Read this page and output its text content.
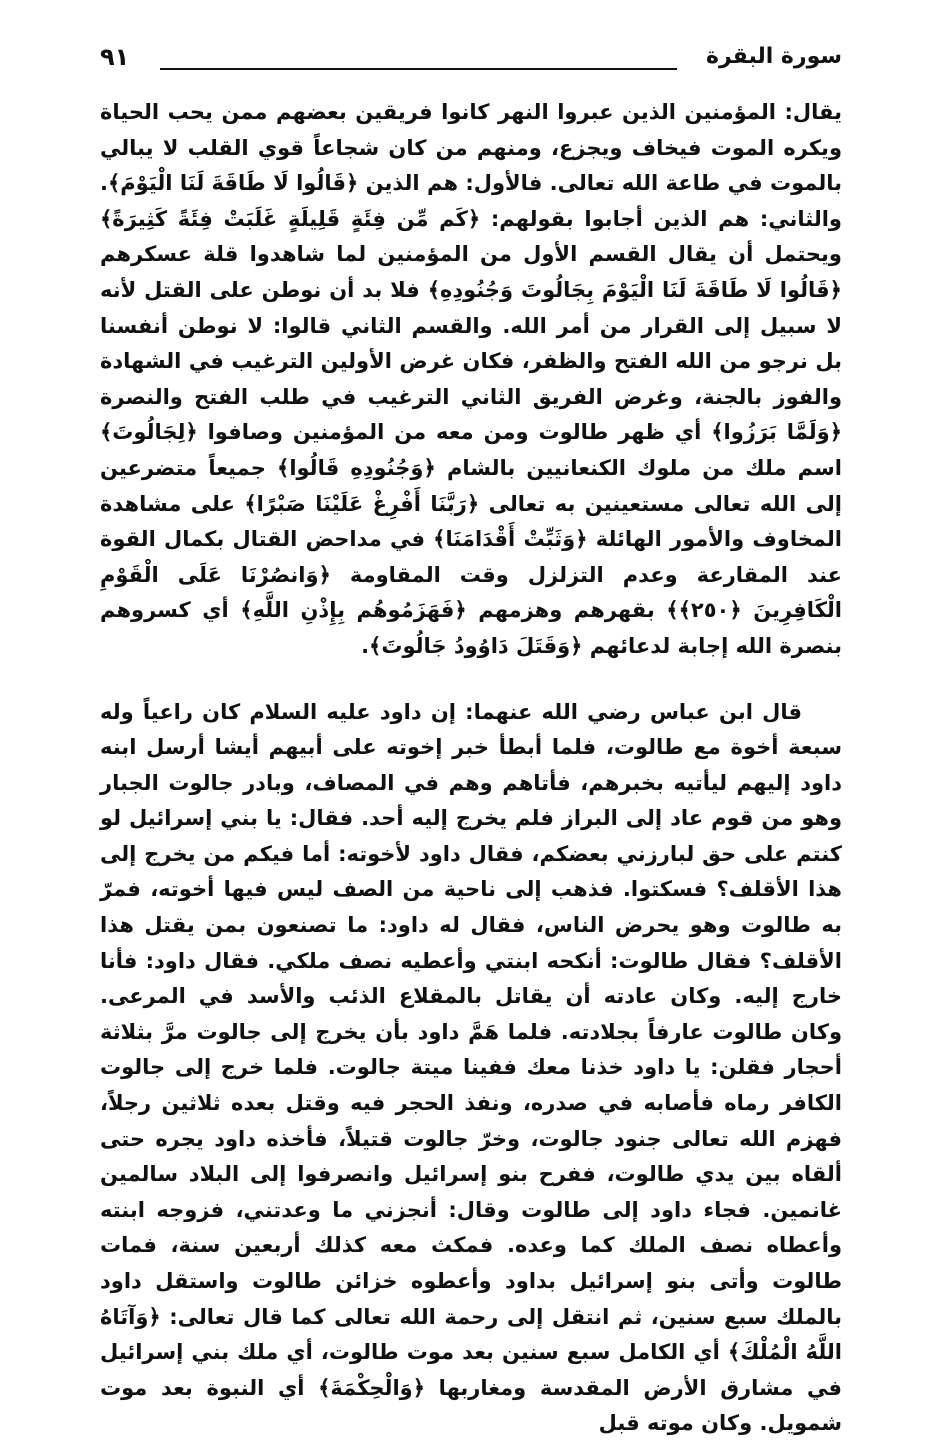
سورة البقرة
٩١

يقال: المؤمنين الذين عبروا النهر كانوا فريقين بعضهم ممن يحب الحياة ويكره الموت فيخاف ويجزع، ومنهم من كان شجاعاً قوي القلب لا يبالي بالموت في طاعة الله تعالى. فالأول: هم الذين ﴿قَالُوا لَا طَاقَةَ لَنَا الْيَوْمَ﴾. والثاني: هم الذين أجابوا بقولهم: ﴿كَم مِّن فِئَةٍ قَلِيلَةٍ غَلَبَتْ فِئَةً كَثِيرَةً﴾ ويحتمل أن يقال القسم الأول من المؤمنين لما شاهدوا قلة عسكرهم ﴿قَالُوا لَا طَاقَةَ لَنَا الْيَوْمَ بِجَالُوتَ وَجُنُودِهِ﴾ فلا بد أن نوطن على القتل لأنه لا سبيل إلى القرار من أمر الله. والقسم الثاني قالوا: لا نوطن أنفسنا بل نرجو من الله الفتح والظفر، فكان غرض الأولين الترغيب في الشهادة والفوز بالجنة، وغرض الفريق الثاني الترغيب في طلب الفتح والنصرة ﴿وَلَمَّا بَرَزُوا﴾ أي ظهر طالوت ومن معه من المؤمنين وصافوا ﴿لِجَالُوتَ﴾ اسم ملك من ملوك الكنعانيين بالشام ﴿وَجُنُودِهِ قَالُوا﴾ جميعاً متضرعين إلى الله تعالى مستعينين به تعالى ﴿رَبَّنَا أَفْرِغْ عَلَيْنَا صَبْرًا﴾ على مشاهدة المخاوف والأمور الهائلة ﴿وَثَبِّتْ أَقْدَامَنَا﴾ في مداحض القتال بكمال القوة عند المقارعة وعدم التزلزل وقت المقاومة ﴿وَانصُرْنَا عَلَى الْقَوْمِ الْكَافِرِينَ ﴿٢٥٠﴾﴾ بقهرهم وهزمهم ﴿فَهَزَمُوهُم بِإِذْنِ اللَّهِ﴾ أي كسروهم بنصرة الله إجابة لدعائهم ﴿وَقَتَلَ دَاوُودُ جَالُوتَ﴾.

قال ابن عباس رضي الله عنهما: إن داود عليه السلام كان راعياً وله سبعة أخوة مع طالوت، فلما أبطأ خبر إخوته على أبيهم أيشا أرسل ابنه داود إليهم ليأتيه بخبرهم، فأتاهم وهم في المصاف، وبادر جالوت الجبار وهو من قوم عاد إلى البراز فلم يخرج إليه أحد. فقال: يا بني إسرائيل لو كنتم على حق لبارزني بعضكم، فقال داود لأخوته: أما فيكم من يخرج إلى هذا الأقلف؟ فسكتوا. فذهب إلى ناحية من الصف ليس فيها أخوته، فمرّ به طالوت وهو يحرض الناس، فقال له داود: ما تصنعون بمن يقتل هذا الأقلف؟ فقال طالوت: أنكحه ابنتي وأعطيه نصف ملكي. فقال داود: فأنا خارج إليه. وكان عادته أن يقاتل بالمقلاع الذئب والأسد في المرعى. وكان طالوت عارفاً بجلادته. فلما هَمَّ داود بأن يخرج إلى جالوت مرَّ بثلاثة أحجار فقلن: يا داود خذنا معك ففينا ميتة جالوت. فلما خرج إلى جالوت الكافر رماه فأصابه في صدره، ونفذ الحجر فيه وقتل بعده ثلاثين رجلاً، فهزم الله تعالى جنود جالوت، وخرّ جالوت قتيلاً، فأخذه داود يجره حتى ألقاه بين يدي طالوت، ففرح بنو إسرائيل وانصرفوا إلى البلاد سالمين غانمين. فجاء داود إلى طالوت وقال: أنجزني ما وعدتني، فزوجه ابنته وأعطاه نصف الملك كما وعده. فمكث معه كذلك أربعين سنة، فمات طالوت وأتى بنو إسرائيل بداود وأعطوه خزائن طالوت واستقل داود بالملك سبع سنين، ثم انتقل إلى رحمة الله تعالى كما قال تعالى: ﴿وَآتَاهُ اللَّهُ الْمُلْكَ﴾ أي الكامل سبع سنين بعد موت طالوت، أي ملك بني إسرائيل في مشارق الأرض المقدسة ومغاربها ﴿وَالْحِكْمَةَ﴾ أي النبوة بعد موت شمويل. وكان موته قبل
